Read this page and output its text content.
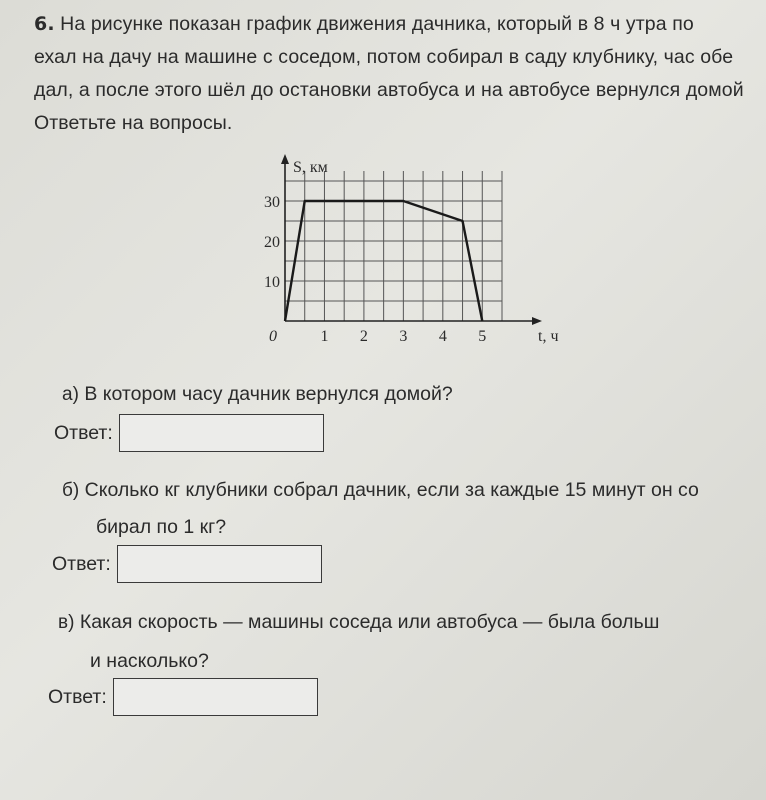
6. На рисунке показан график движения дачника, который в 8 ч утра по
ехал на дачу на машине с соседом, потом собирал в саду клубнику, час обе
дал, а после этого шёл до остановки автобуса и на автобусе вернулся домой
Ответьте на вопросы.
1 2 3 4 5
10
20
30
0
S, км
t, ч
а) В котором часу дачник вернулся домой?
Ответ:
б) Сколько кг клубники собрал дачник, если за каждые 15 минут он со
бирал по 1 кг?
Ответ:
в) Какая скорость — машины соседа или автобуса — была больш
и насколько?
Ответ:
